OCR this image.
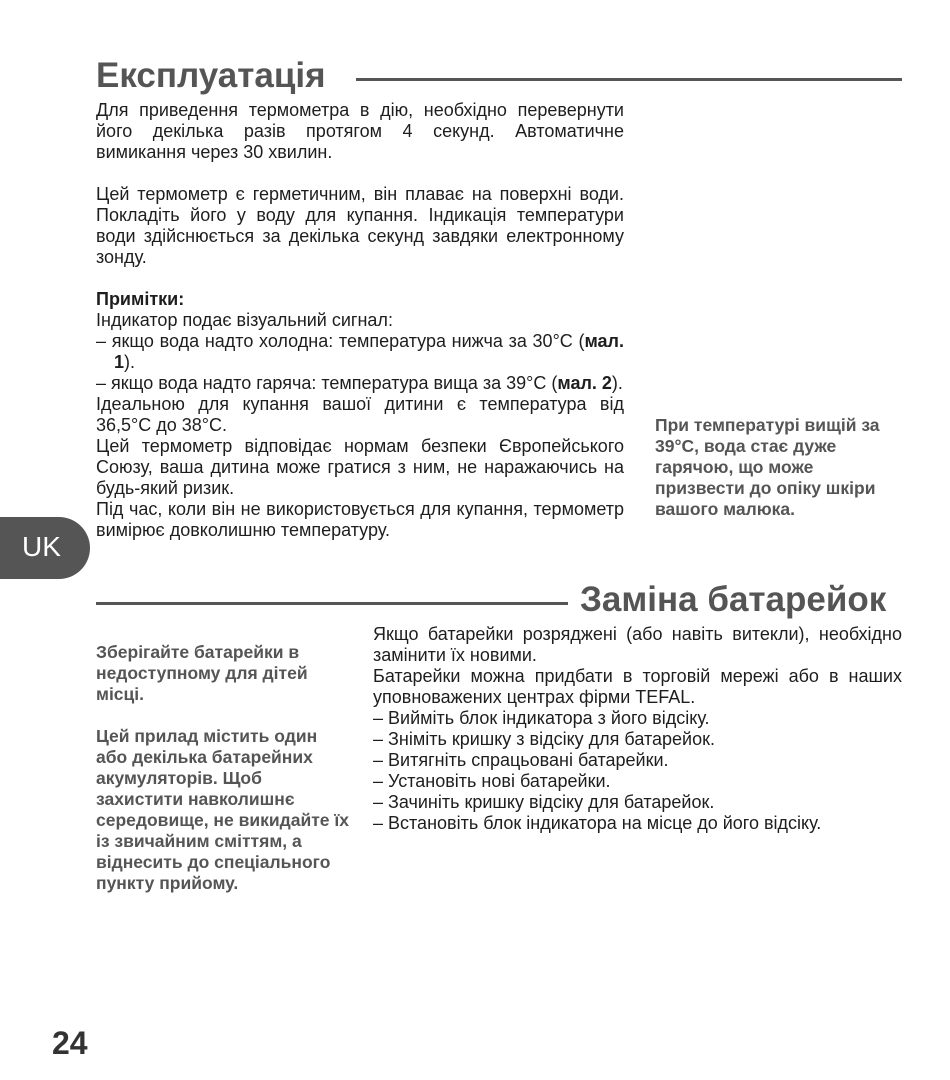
Експлуатація

Для приведення термометра в дію, необхідно перевернути його декілька разів протягом 4 секунд. Автоматичне вимикання через 30 хвилин.

Цей термометр є герметичним, він плаває на поверхні води. Покладіть його у воду для купання. Індикація температури води здійснюється за декілька секунд завдяки електронному зонду.

Примітки:

Індикатор подає візуальний сигнал:

– якщо вода надто холодна: температура нижча за 30°C (мал. 1).

– якщо вода надто гаряча: температура вища за 39°C (мал. 2).

Ідеальною для купання вашої дитини є температура від 36,5°C до 38°C.

Цей термометр відповідає нормам безпеки Європейського Союзу, ваша дитина може гратися з ним, не наражаючись на будь-який ризик.

Під час, коли він не використовується для купання, термометр вимірює довколишню температуру.

При температурі вищій за 39°C, вода стає дуже гарячою, що може призвести до опіку шкіри вашого малюка.

UK
Заміна батарейок

Зберігайте батарейки в недоступному для дітей місці.

Цей прилад містить один або декілька батарейних акумуляторів. Щоб захистити навколишнє середовище, не викидайте їх із звичайним сміттям, а віднесить до спеціального пункту прийому.

Якщо батарейки розряджені (або навіть витекли), необхідно замінити їх новими.

Батарейки можна придбати в торговій мережі або в наших уповноважених центрах фірми TEFAL.

– Вийміть блок індикатора з його відсіку.

– Зніміть кришку з відсіку для батарейок.

– Витягніть спрацьовані батарейки.

– Установіть нові батарейки.

– Зачиніть кришку відсіку для батарейок.

– Встановіть блок індикатора на місце до його відсіку.

24
